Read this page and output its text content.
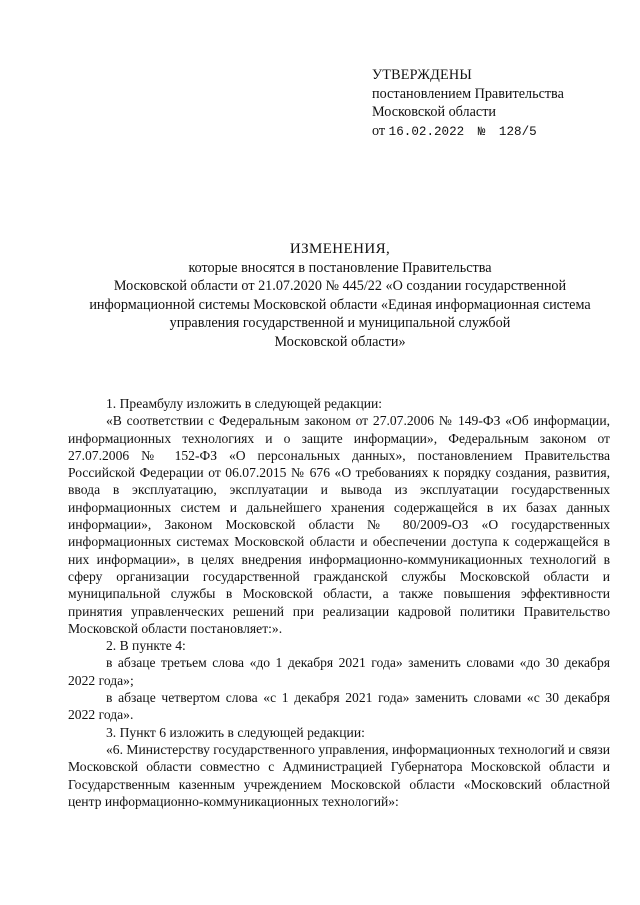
УТВЕРЖДЕНЫ
постановлением Правительства
Московской области
от 16.02.2022 № 128/5
ИЗМЕНЕНИЯ,
которые вносятся в постановление Правительства
Московской области от 21.07.2020 № 445/22 «О создании государственной
информационной системы Московской области «Единая информационная система
управления государственной и муниципальной службой
Московской области»

1. Преамбулу изложить в следующей редакции:

«В соответствии с Федеральным законом от 27.07.2006 № 149-ФЗ «Об информации, информационных технологиях и о защите информации», Федеральным законом от 27.07.2006 № 152-ФЗ «О персональных данных», постановлением Правительства Российской Федерации от 06.07.2015 № 676 «О требованиях к порядку создания, развития, ввода в эксплуатацию, эксплуатации и вывода из эксплуатации государственных информационных систем и дальнейшего хранения содержащейся в их базах данных информации», Законом Московской области № 80/2009-ОЗ «О государственных информационных системах Московской области и обеспечении доступа к содержащейся в них информации», в целях внедрения информационно-коммуникационных технологий в сферу организации государственной гражданской службы Московской области и муниципальной службы в Московской области, а также повышения эффективности принятия управленческих решений при реализации кадровой политики Правительство Московской области постановляет:».

2. В пункте 4:

в абзаце третьем слова «до 1 декабря 2021 года» заменить словами «до 30 декабря 2022 года»;

в абзаце четвертом слова «с 1 декабря 2021 года» заменить словами «с 30 декабря 2022 года».

3. Пункт 6 изложить в следующей редакции:

«6. Министерству государственного управления, информационных технологий и связи Московской области совместно с Администрацией Губернатора Московской области и Государственным казенным учреждением Московской области «Московский областной центр информационно-коммуникационных технологий»:
